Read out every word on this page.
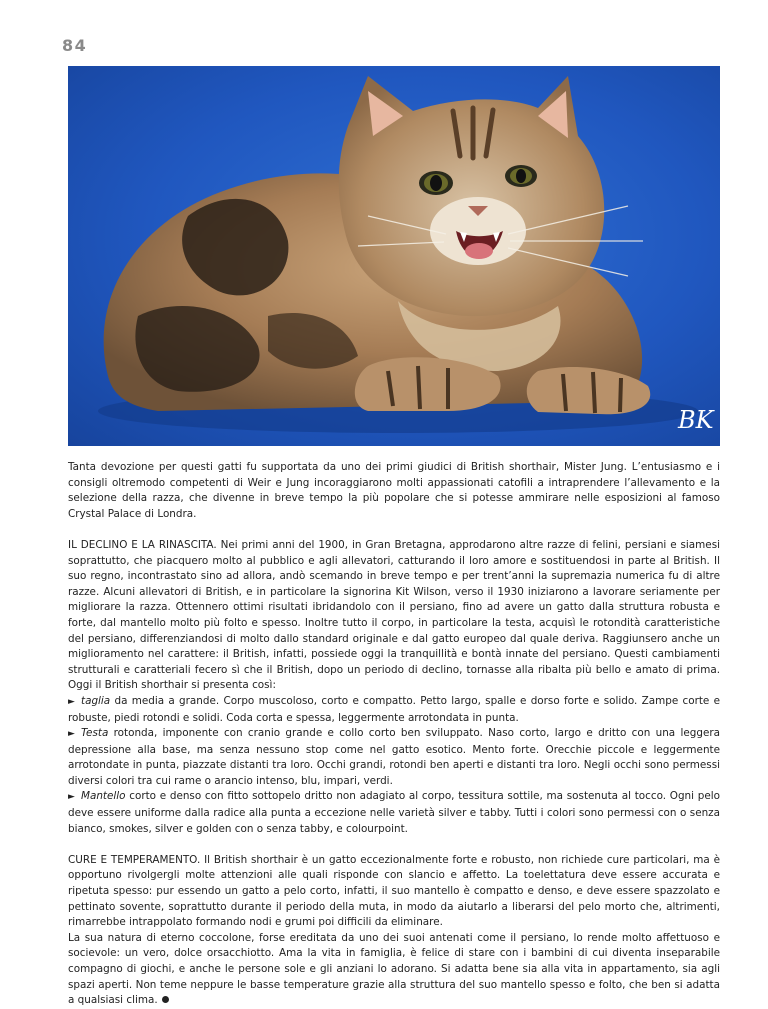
84
BK

Tanta devozione per questi gatti fu supportata da uno dei primi giudici di British shorthair, Mister Jung. L’entusiasmo e i consigli oltremodo competenti di Weir e Jung incoraggiarono molti appassionati catofili a intraprendere l’allevamento e la selezione della razza, che divenne in breve tempo la più popolare che si potesse ammirare nelle esposizioni al famoso Crystal Palace di Londra.

IL DECLINO E LA RINASCITA. Nei primi anni del 1900, in Gran Bretagna, approdarono altre razze di felini, persiani e siamesi soprattutto, che piacquero molto al pubblico e agli allevatori, catturando il loro amore e sostituendosi in parte al British. Il suo regno, incontrastato sino ad allora, andò scemando in breve tempo e per trent’anni la supremazia numerica fu di altre razze. Alcuni allevatori di British, e in particolare la signorina Kit Wilson, verso il 1930 iniziarono a lavorare seriamente per migliorare la razza. Ottennero ottimi risultati ibridandolo con il persiano, fino ad avere un gatto dalla struttura robusta e forte, dal mantello molto più folto e spesso. Inoltre tutto il corpo, in particolare la testa, acquisì le rotondità caratteristiche del persiano, differenziandosi di molto dallo standard originale e dal gatto europeo dal quale deriva. Raggiunsero anche un miglioramento nel carattere: il British, infatti, possiede oggi la tranquillità e bontà innate del persiano. Questi cambiamenti strutturali e caratteriali fecero sì che il British, dopo un periodo di declino, tornasse alla ribalta più bello e amato di prima. Oggi il British shorthair si presenta così:
► taglia da media a grande. Corpo muscoloso, corto e compatto. Petto largo, spalle e dorso forte e solido. Zampe corte e robuste, piedi rotondi e solidi. Coda corta e spessa, leggermente arrotondata in punta.
► Testa rotonda, imponente con cranio grande e collo corto ben sviluppato. Naso corto, largo e dritto con una leggera depressione alla base, ma senza nessuno stop come nel gatto esotico. Mento forte. Orecchie piccole e leggermente arrotondate in punta, piazzate distanti tra loro. Occhi grandi, rotondi ben aperti e distanti tra loro. Negli occhi sono permessi diversi colori tra cui rame o arancio intenso, blu, impari, verdi.
► Mantello corto e denso con fitto sottopelo dritto non adagiato al corpo, tessitura sottile, ma sostenuta al tocco. Ogni pelo deve essere uniforme dalla radice alla punta a eccezione nelle varietà silver e tabby. Tutti i colori sono permessi con o senza bianco, smokes, silver e golden con o senza tabby, e colourpoint.

CURE E TEMPERAMENTO. Il British shorthair è un gatto eccezionalmente forte e robusto, non richiede cure particolari, ma è opportuno rivolgergli molte attenzioni alle quali risponde con slancio e affetto. La toelettatura deve essere accurata e ripetuta spesso: pur essendo un gatto a pelo corto, infatti, il suo mantello è compatto e denso, e deve essere spazzolato e pettinato sovente, soprattutto durante il periodo della muta, in modo da aiutarlo a liberarsi del pelo morto che, altrimenti, rimarrebbe intrappolato formando nodi e grumi poi difficili da eliminare.
La sua natura di eterno coccolone, forse ereditata da uno dei suoi antenati come il persiano, lo rende molto affettuoso e socievole: un vero, dolce orsacchiotto. Ama la vita in famiglia, è felice di stare con i bambini di cui diventa inseparabile compagno di giochi, e anche le persone sole e gli anziani lo adorano. Si adatta bene sia alla vita in appartamento, sia agli spazi aperti. Non teme neppure le basse temperature grazie alla struttura del suo mantello spesso e folto, che ben si adatta a qualsiasi clima.
